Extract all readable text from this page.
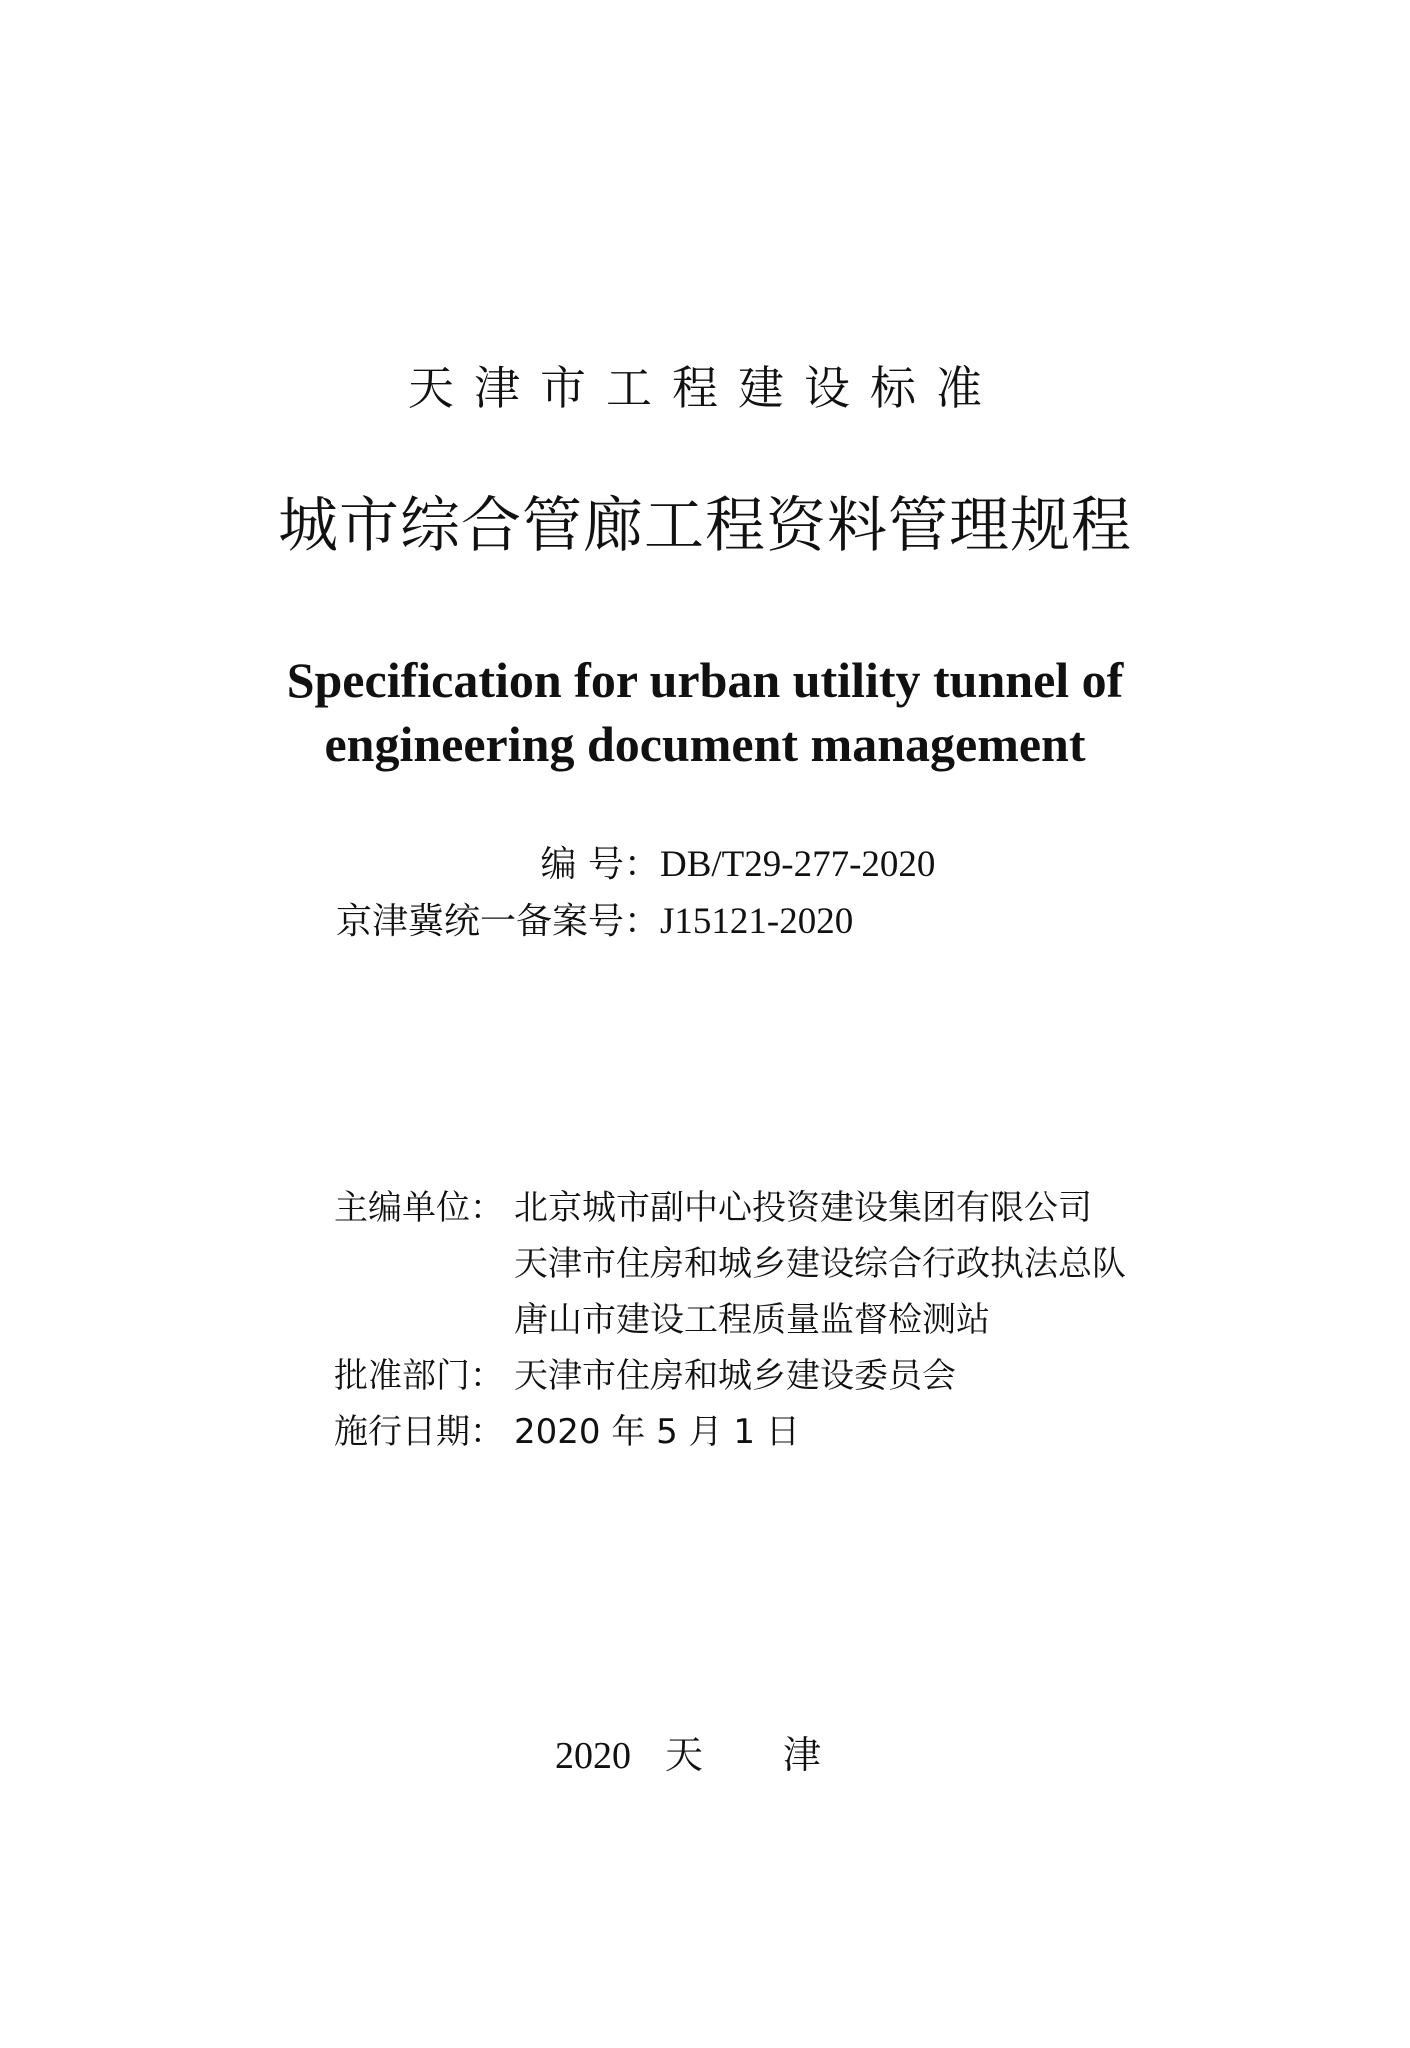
天津市工程建设标准
城市综合管廊工程资料管理规程
Specification for urban utility tunnel of
engineering document management
编 号：DB/T29-277-2020
京津冀统一备案号：J15121-2020
主编单位： 北京城市副中心投资建设集团有限公司
天津市住房和城乡建设综合行政执法总队
唐山市建设工程质量监督检测站
批准部门： 天津市住房和城乡建设委员会
施行日期： 2020 年 5 月 1 日
2020 天 津
